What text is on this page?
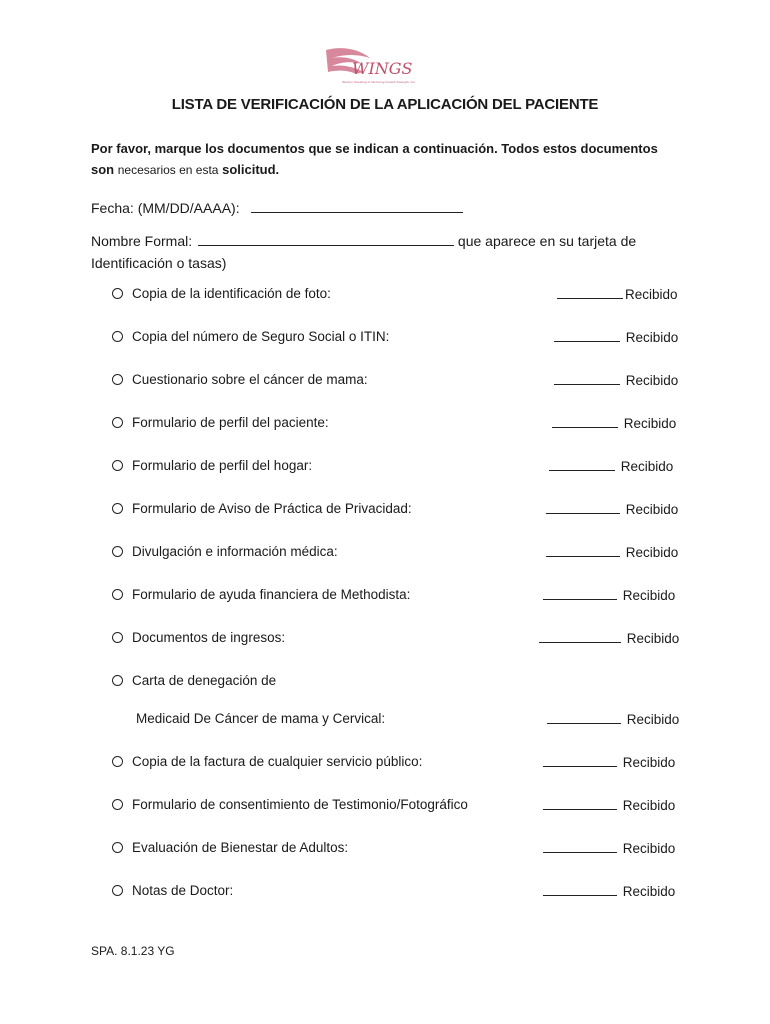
WINGS
Women Investing In Nurturing Growth Strength, Inc.
LISTA DE VERIFICACIÓN DE LA APLICACIÓN DEL PACIENTE
Por favor, marque los documentos que se indican a continuación. Todos estos documentos
son necesarios en esta solicitud.
Fecha: (MM/DD/AAAA):
Nombre Formal:	que aparece en su tarjeta de
Identificación o tasas)
Copia de la identificación de foto:	Recibido
Copia del número de Seguro Social o ITIN:	Recibido
Cuestionario sobre el cáncer de mama:	Recibido
Formulario de perfil del paciente:	Recibido
Formulario de perfil del hogar:	Recibido
Formulario de Aviso de Práctica de Privacidad:	Recibido
Divulgación e información médica:	Recibido
Formulario de ayuda financiera de Methodista:	Recibido
Documentos de ingresos:	Recibido
Carta de denegación de
Medicaid De Cáncer de mama y Cervical:	Recibido
Copia de la factura de cualquier servicio público:	Recibido
Formulario de consentimiento de Testimonio/Fotográfico	Recibido
Evaluación de Bienestar de Adultos:	Recibido
Notas de Doctor:	Recibido
SPA. 8.1.23 YG
